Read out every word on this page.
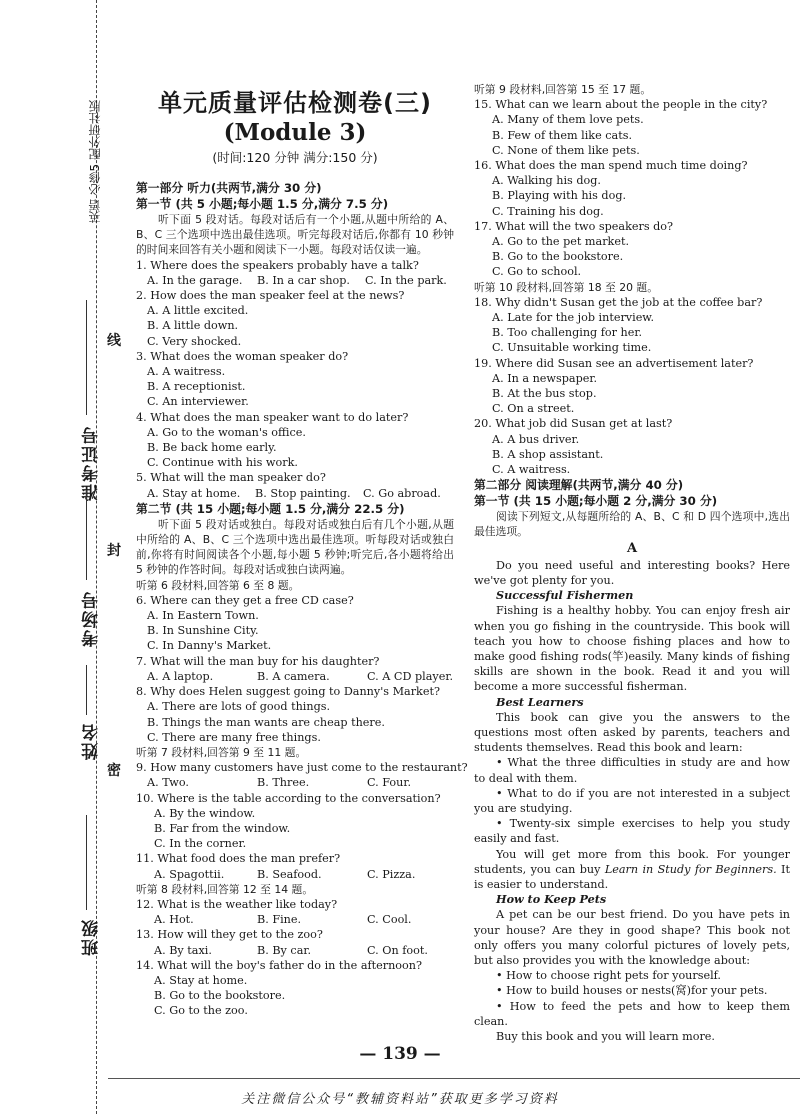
英语 必修5 配外研社版
准考证号
考场号
姓名
班级
线
封
密
单元质量评估检测卷(三)
(Module 3)
(时间:120 分钟 满分:150 分)
第一部分 听力(共两节,满分 30 分)
第一节 (共 5 小题;每小题 1.5 分,满分 7.5 分)

听下面 5 段对话。每段对话后有一个小题,从题中所给的 A、B、C 三个选项中选出最佳选项。听完每段对话后,你都有 10 秒钟的时间来回答有关小题和阅读下一小题。每段对话仅读一遍。

1. Where does the speakers probably have a talk?
A. In the garage.	B. In a car shop.	C. In the park.
2. How does the man speaker feel at the news?
A. A little excited.
B. A little down.
C. Very shocked.
3. What does the woman speaker do?
A. A waitress.
B. A receptionist.
C. An interviewer.
4. What does the man speaker want to do later?
A. Go to the woman's office.
B. Be back home early.
C. Continue with his work.
5. What will the man speaker do?
A. Stay at home.	B. Stop painting.	C. Go abroad.
第二节 (共 15 小题;每小题 1.5 分,满分 22.5 分)

听下面 5 段对话或独白。每段对话或独白后有几个小题,从题中所给的 A、B、C 三个选项中选出最佳选项。听每段对话或独白前,你将有时间阅读各个小题,每小题 5 秒钟;听完后,各小题将给出 5 秒钟的作答时间。每段对话或独白读两遍。

听第 6 段材料,回答第 6 至 8 题。
6. Where can they get a free CD case?
A. In Eastern Town.
B. In Sunshine City.
C. In Danny's Market.
7. What will the man buy for his daughter?
A. A laptop.	B. A camera.	C. A CD player.
8. Why does Helen suggest going to Danny's Market?
A. There are lots of good things.
B. Things the man wants are cheap there.
C. There are many free things.
听第 7 段材料,回答第 9 至 11 题。
9. How many customers have just come to the restaurant?
A. Two.	B. Three.	C. Four.
10. Where is the table according to the conversation?
A. By the window.
B. Far from the window.
C. In the corner.
11. What food does the man prefer?
A. Spagottii.	B. Seafood.	C. Pizza.
听第 8 段材料,回答第 12 至 14 题。
12. What is the weather like today?
A. Hot.	B. Fine.	C. Cool.
13. How will they get to the zoo?
A. By taxi.	B. By car.	C. On foot.
14. What will the boy's father do in the afternoon?
A. Stay at home.
B. Go to the bookstore.
C. Go to the zoo.
听第 9 段材料,回答第 15 至 17 题。
15. What can we learn about the people in the city?
A. Many of them love pets.
B. Few of them like cats.
C. None of them like pets.
16. What does the man spend much time doing?
A. Walking his dog.
B. Playing with his dog.
C. Training his dog.
17. What will the two speakers do?
A. Go to the pet market.
B. Go to the bookstore.
C. Go to school.
听第 10 段材料,回答第 18 至 20 题。
18. Why didn't Susan get the job at the coffee bar?
A. Late for the job interview.
B. Too challenging for her.
C. Unsuitable working time.
19. Where did Susan see an advertisement later?
A. In a newspaper.
B. At the bus stop.
C. On a street.
20. What job did Susan get at last?
A. A bus driver.
B. A shop assistant.
C. A waitress.
第二部分 阅读理解(共两节,满分 40 分)
第一节 (共 15 小题;每小题 2 分,满分 30 分)

阅读下列短文,从每题所给的 A、B、C 和 D 四个选项中,选出最佳选项。

A

Do you need useful and interesting books? Here we've got plenty for you.

Successful Fishermen

Fishing is a healthy hobby. You can enjoy fresh air when you go fishing in the countryside. This book will teach you how to choose fishing places and how to make good fishing rods(竿)easily. Many kinds of fishing skills are shown in the book. Read it and you will become a more successful fisherman.

Best Learners

This book can give you the answers to the questions most often asked by parents, teachers and students themselves. Read this book and learn:

• What the three difficulties in study are and how to deal with them.

• What to do if you are not interested in a subject you are studying.

• Twenty-six simple exercises to help you study easily and fast.

You will get more from this book. For younger students, you can buy Learn in Study for Beginners. It is easier to understand.

How to Keep Pets

A pet can be our best friend. Do you have pets in your house? Are they in good shape? This book not only offers you many colorful pictures of lovely pets, but also provides you with the knowledge about:

• How to choose right pets for yourself.

• How to build houses or nests(窝)for your pets.

• How to feed the pets and how to keep them clean.

Buy this book and you will learn more.

— 139 —
关注微信公众号“教辅资料站”获取更多学习资料
